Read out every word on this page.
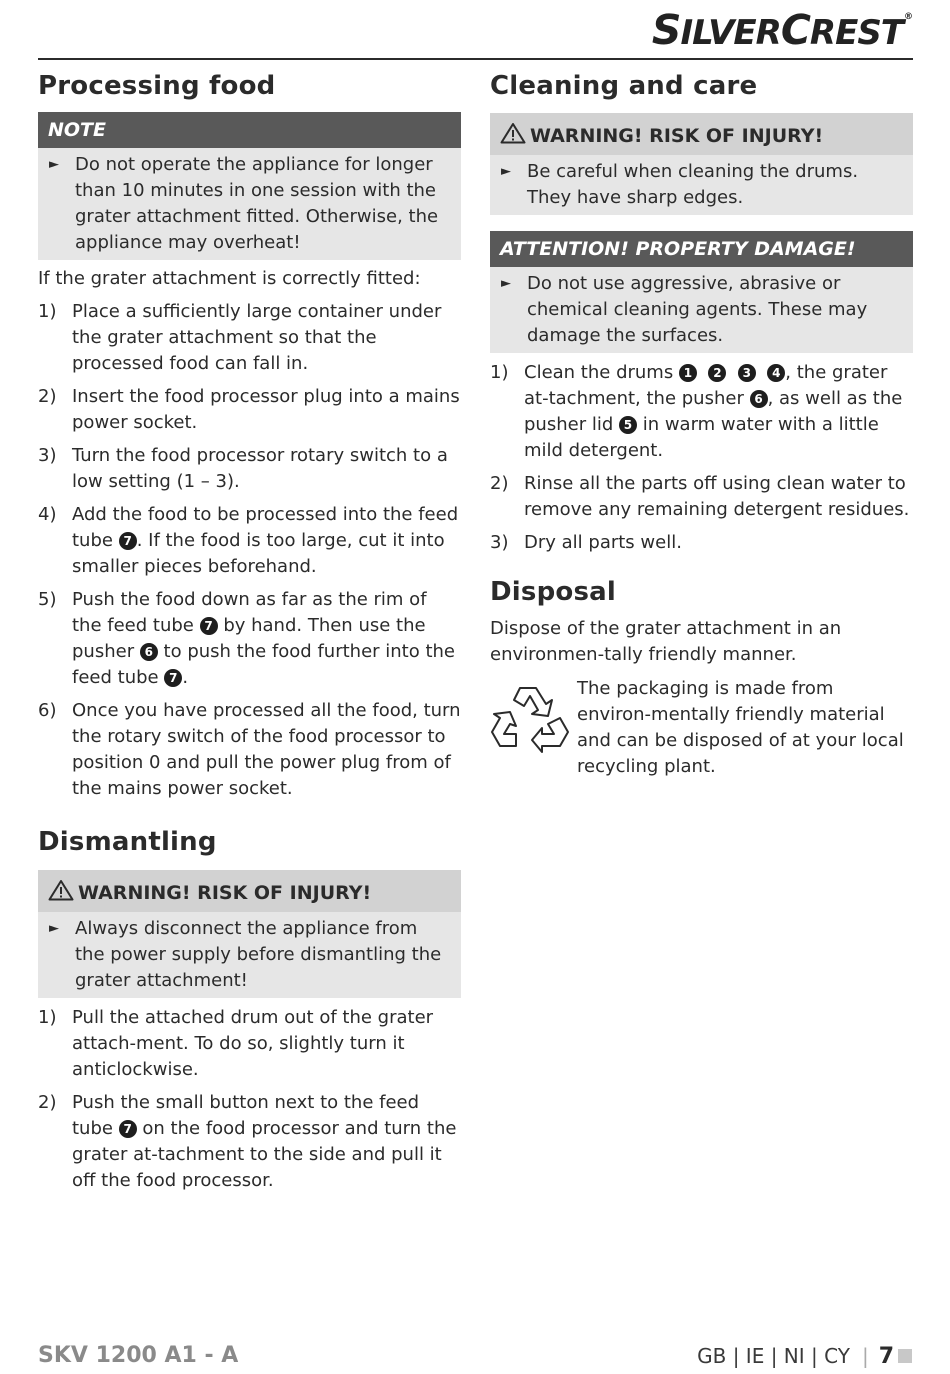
SILVERCREST®
Processing food
NOTE
► Do not operate the appliance for longer than 10 minutes in one session with the grater attachment fitted. Otherwise, the appliance may overheat!

If the grater attachment is correctly fitted:

1) Place a sufficiently large container under the grater attachment so that the processed food can fall in.
2) Insert the food processor plug into a mains power socket.
3) Turn the food processor rotary switch to a low setting (1 – 3).
4) Add the food to be processed into the feed tube 7 . If the food is too large, cut it into smaller pieces beforehand.
5) Push the food down as far as the rim of the feed tube 7 by hand. Then use the pusher 6 to push the food further into the feed tube 7 .
6) Once you have processed all the food, turn the rotary switch of the food processor to position 0 and pull the power plug from of the mains power socket.
Dismantling
WARNING! RISK OF INJURY!
► Always disconnect the appliance from the power supply before dismantling the grater attachment!
1) Pull the attached drum out of the grater attach-ment. To do so, slightly turn it anticlockwise.
2) Push the small button next to the feed tube 7 on the food processor and turn the grater at-tachment to the side and pull it off the food processor.
Cleaning and care
WARNING! RISK OF INJURY!
► Be careful when cleaning the drums. They have sharp edges.
ATTENTION! PROPERTY DAMAGE!
► Do not use aggressive, abrasive or chemical cleaning agents. These may damage the surfaces.
1) Clean the drums 1 2 3 4 , the grater at-tachment, the pusher 6 , as well as the pusher lid 5 in warm water with a little mild detergent.
2) Rinse all the parts off using clean water to remove any remaining detergent residues.
3) Dry all parts well.
Disposal

Dispose of the grater attachment in an environmen-tally friendly manner.

The packaging is made from environ-mentally friendly material and can be disposed of at your local recycling plant.
SKV 1200 A1 - A	GB | IE | NI | CY | 7
